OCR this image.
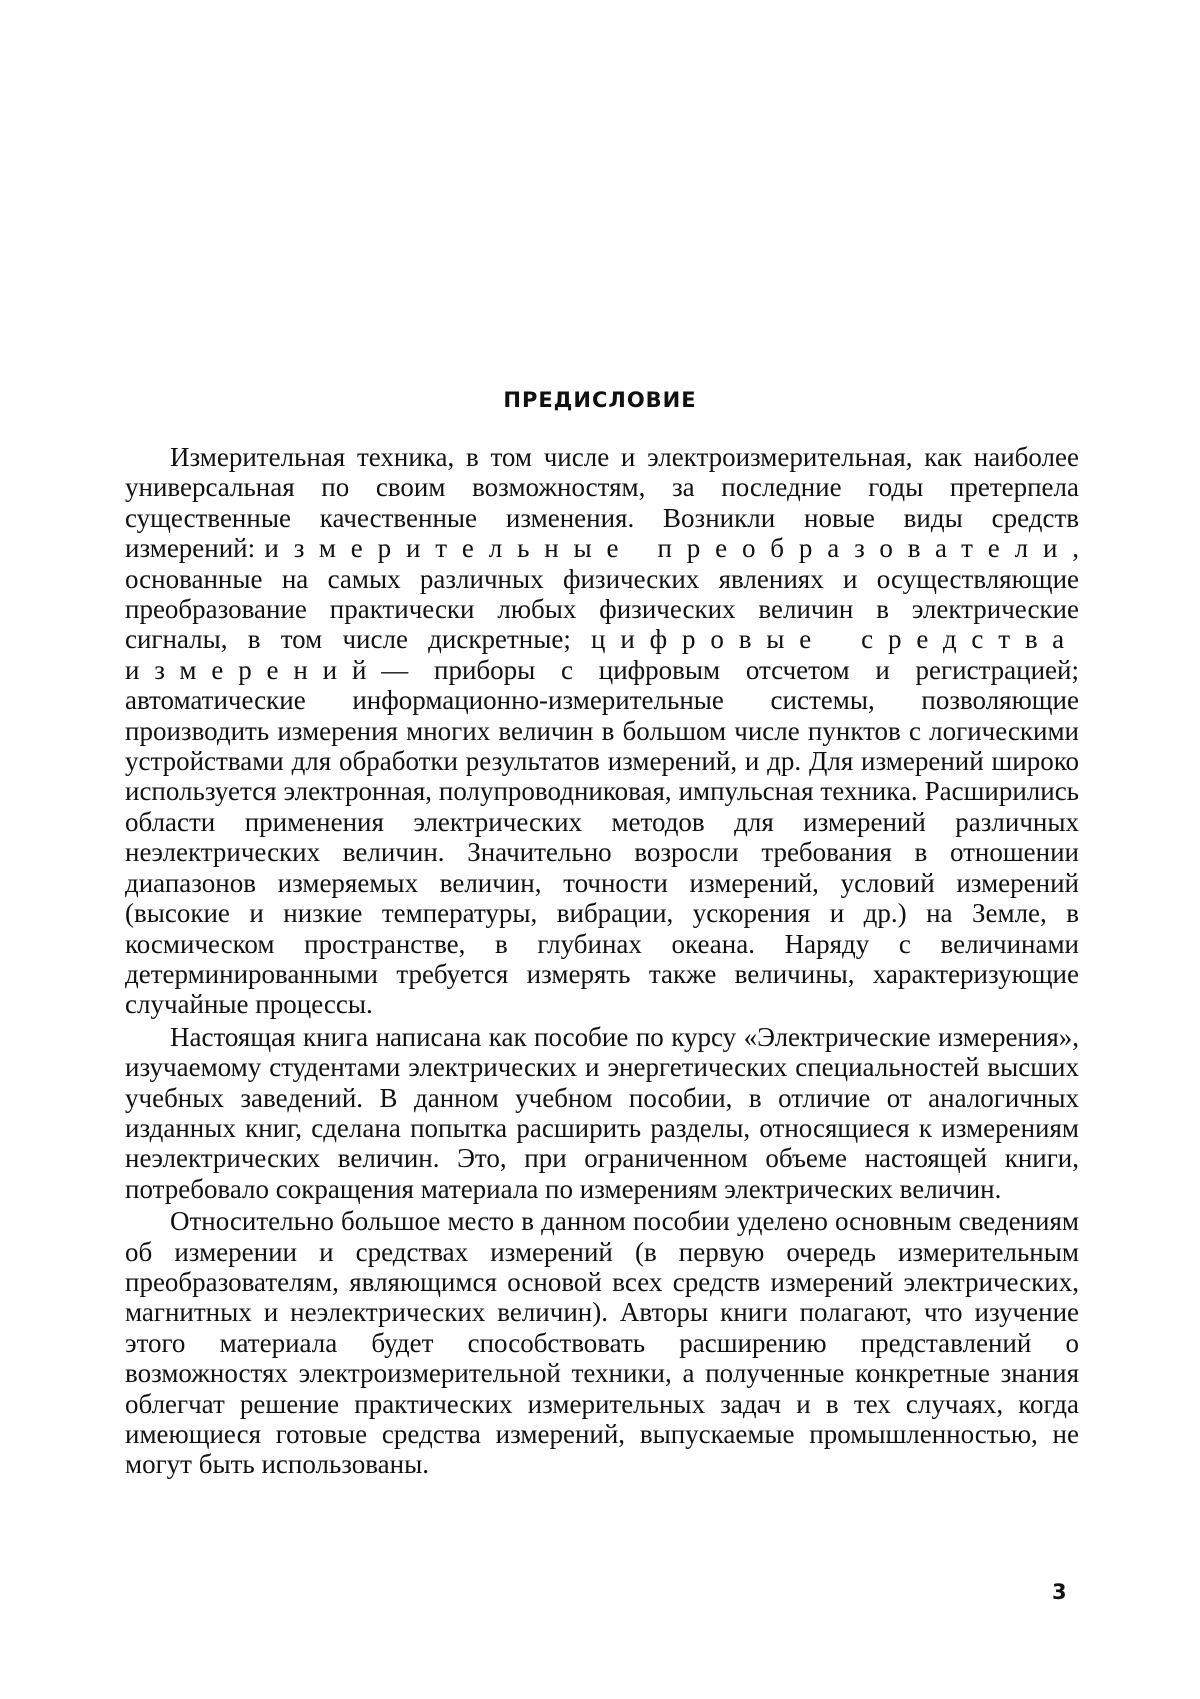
ПРЕДИСЛОВИЕ

Измерительная техника, в том числе и электроизмерительная, как наиболее универсальная по своим возможностям, за последние годы претерпела существенные качественные изменения. Возникли новые виды средств измерений: измерительные преобразователи, основанные на самых различных физических явлениях и осуществляющие преобразование практически любых физических величин в электрические сигналы, в том числе дискретные; цифровые средства измерений— приборы с цифровым отсчетом и регистрацией; автоматические информационно-измерительные системы, позволяющие производить измерения многих величин в большом числе пунктов с логическими устройствами для обработки результатов измерений, и др. Для измерений широко используется электронная, полупроводниковая, импульсная техника. Расширились области применения электрических методов для измерений различных неэлектрических величин. Значительно возросли требования в отношении диапазонов измеряемых величин, точности измерений, условий измерений (высокие и низкие температуры, вибрации, ускорения и др.) на Земле, в космическом пространстве, в глубинах океана. Наряду с величинами детерминированными требуется измерять также величины, характеризующие случайные процессы.

Настоящая книга написана как пособие по курсу «Электрические измерения», изучаемому студентами электрических и энергетических специальностей высших учебных заведений. В данном учебном пособии, в отличие от аналогичных изданных книг, сделана попытка расширить разделы, относящиеся к измерениям неэлектрических величин. Это, при ограниченном объеме настоящей книги, потребовало сокращения материала по измерениям электрических величин.

Относительно большое место в данном пособии уделено основным сведениям об измерении и средствах измерений (в первую очередь измерительным преобразователям, являющимся основой всех средств измерений электрических, магнитных и неэлектрических величин). Авторы книги полагают, что изучение этого материала будет способствовать расширению представлений о возможностях электроизмерительной техники, а полученные конкретные знания облегчат решение практических измерительных задач и в тех случаях, когда имеющиеся готовые средства измерений, выпускаемые промышленностью, не могут быть использованы.

3
